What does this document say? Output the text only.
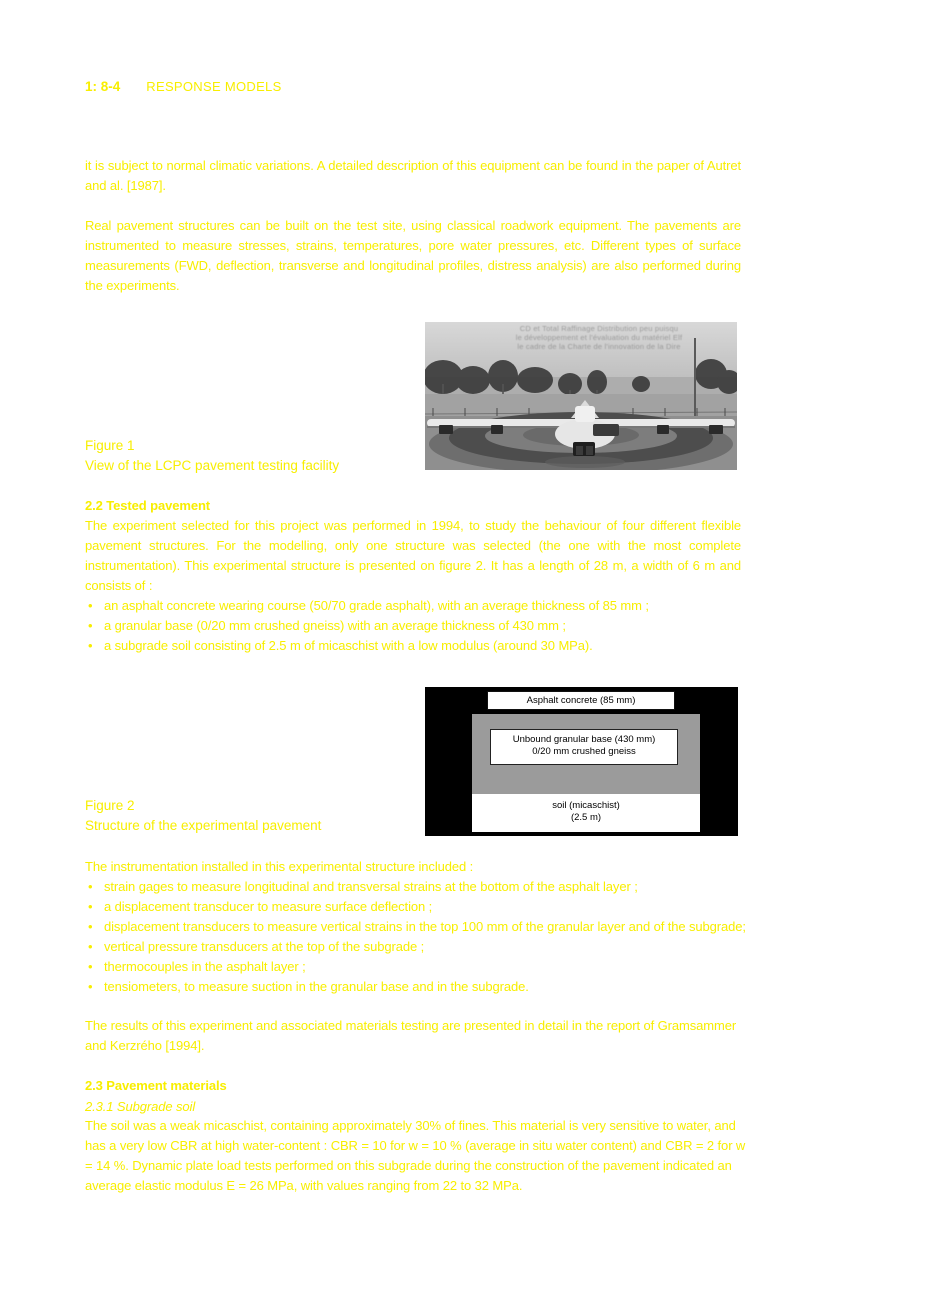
1: 8-4 RESPONSE MODELS
it is subject to normal climatic variations. A detailed description of this equipment can be found in the paper of Autret and al. [1987].
Real pavement structures can be built on the test site, using classical roadwork equipment. The pavements are instrumented to measure stresses, strains, temperatures, pore water pressures, etc. Different types of surface measurements (FWD, deflection, transverse and longitudinal profiles, distress analysis) are also performed during the experiments.
CD et Total Raffinage Distribution peu puisqu
le développement et l'évaluation du matériel Elf
le cadre de la Charte de l'innovation de la Dire
Figure 1
View of the LCPC pavement testing facility
2.2 Tested pavement
The experiment selected for this project was performed in 1994, to study the behaviour of four different flexible pavement structures. For the modelling, only one structure was selected (the one with the most complete instrumentation). This experimental structure is presented on figure 2. It has a length of 28 m, a width of 6 m and consists of :
• an asphalt concrete wearing course (50/70 grade asphalt), with an average thickness of 85 mm ;
• a granular base (0/20 mm crushed gneiss) with an average thickness of 430 mm ;
• a subgrade soil consisting of 2.5 m of micaschist with a low modulus (around 30 MPa).
Asphalt concrete (85 mm)
Unbound granular base (430 mm)
0/20 mm crushed gneiss
soil (micaschist)
(2.5 m)
Figure 2
Structure of the experimental pavement
The instrumentation installed in this experimental structure included :
• strain gages to measure longitudinal and transversal strains at the bottom of the asphalt layer ;
• a displacement transducer to measure surface deflection ;
• displacement transducers to measure vertical strains in the top 100 mm of the granular layer and of the subgrade;
• vertical pressure transducers at the top of the subgrade ;
• thermocouples in the asphalt layer ;
• tensiometers, to measure suction in the granular base and in the subgrade.
The results of this experiment and associated materials testing are presented in detail in the report of Gramsammer and Kerzrého [1994].
2.3 Pavement materials
2.3.1 Subgrade soil
The soil was a weak micaschist, containing approximately 30% of fines. This material is very sensitive to water, and has a very low CBR at high water-content : CBR = 10 for w = 10 % (average in situ water content) and CBR = 2 for w = 14 %. Dynamic plate load tests performed on this subgrade during the construction of the pavement indicated an average elastic modulus E = 26 MPa, with values ranging from 22 to 32 MPa.
